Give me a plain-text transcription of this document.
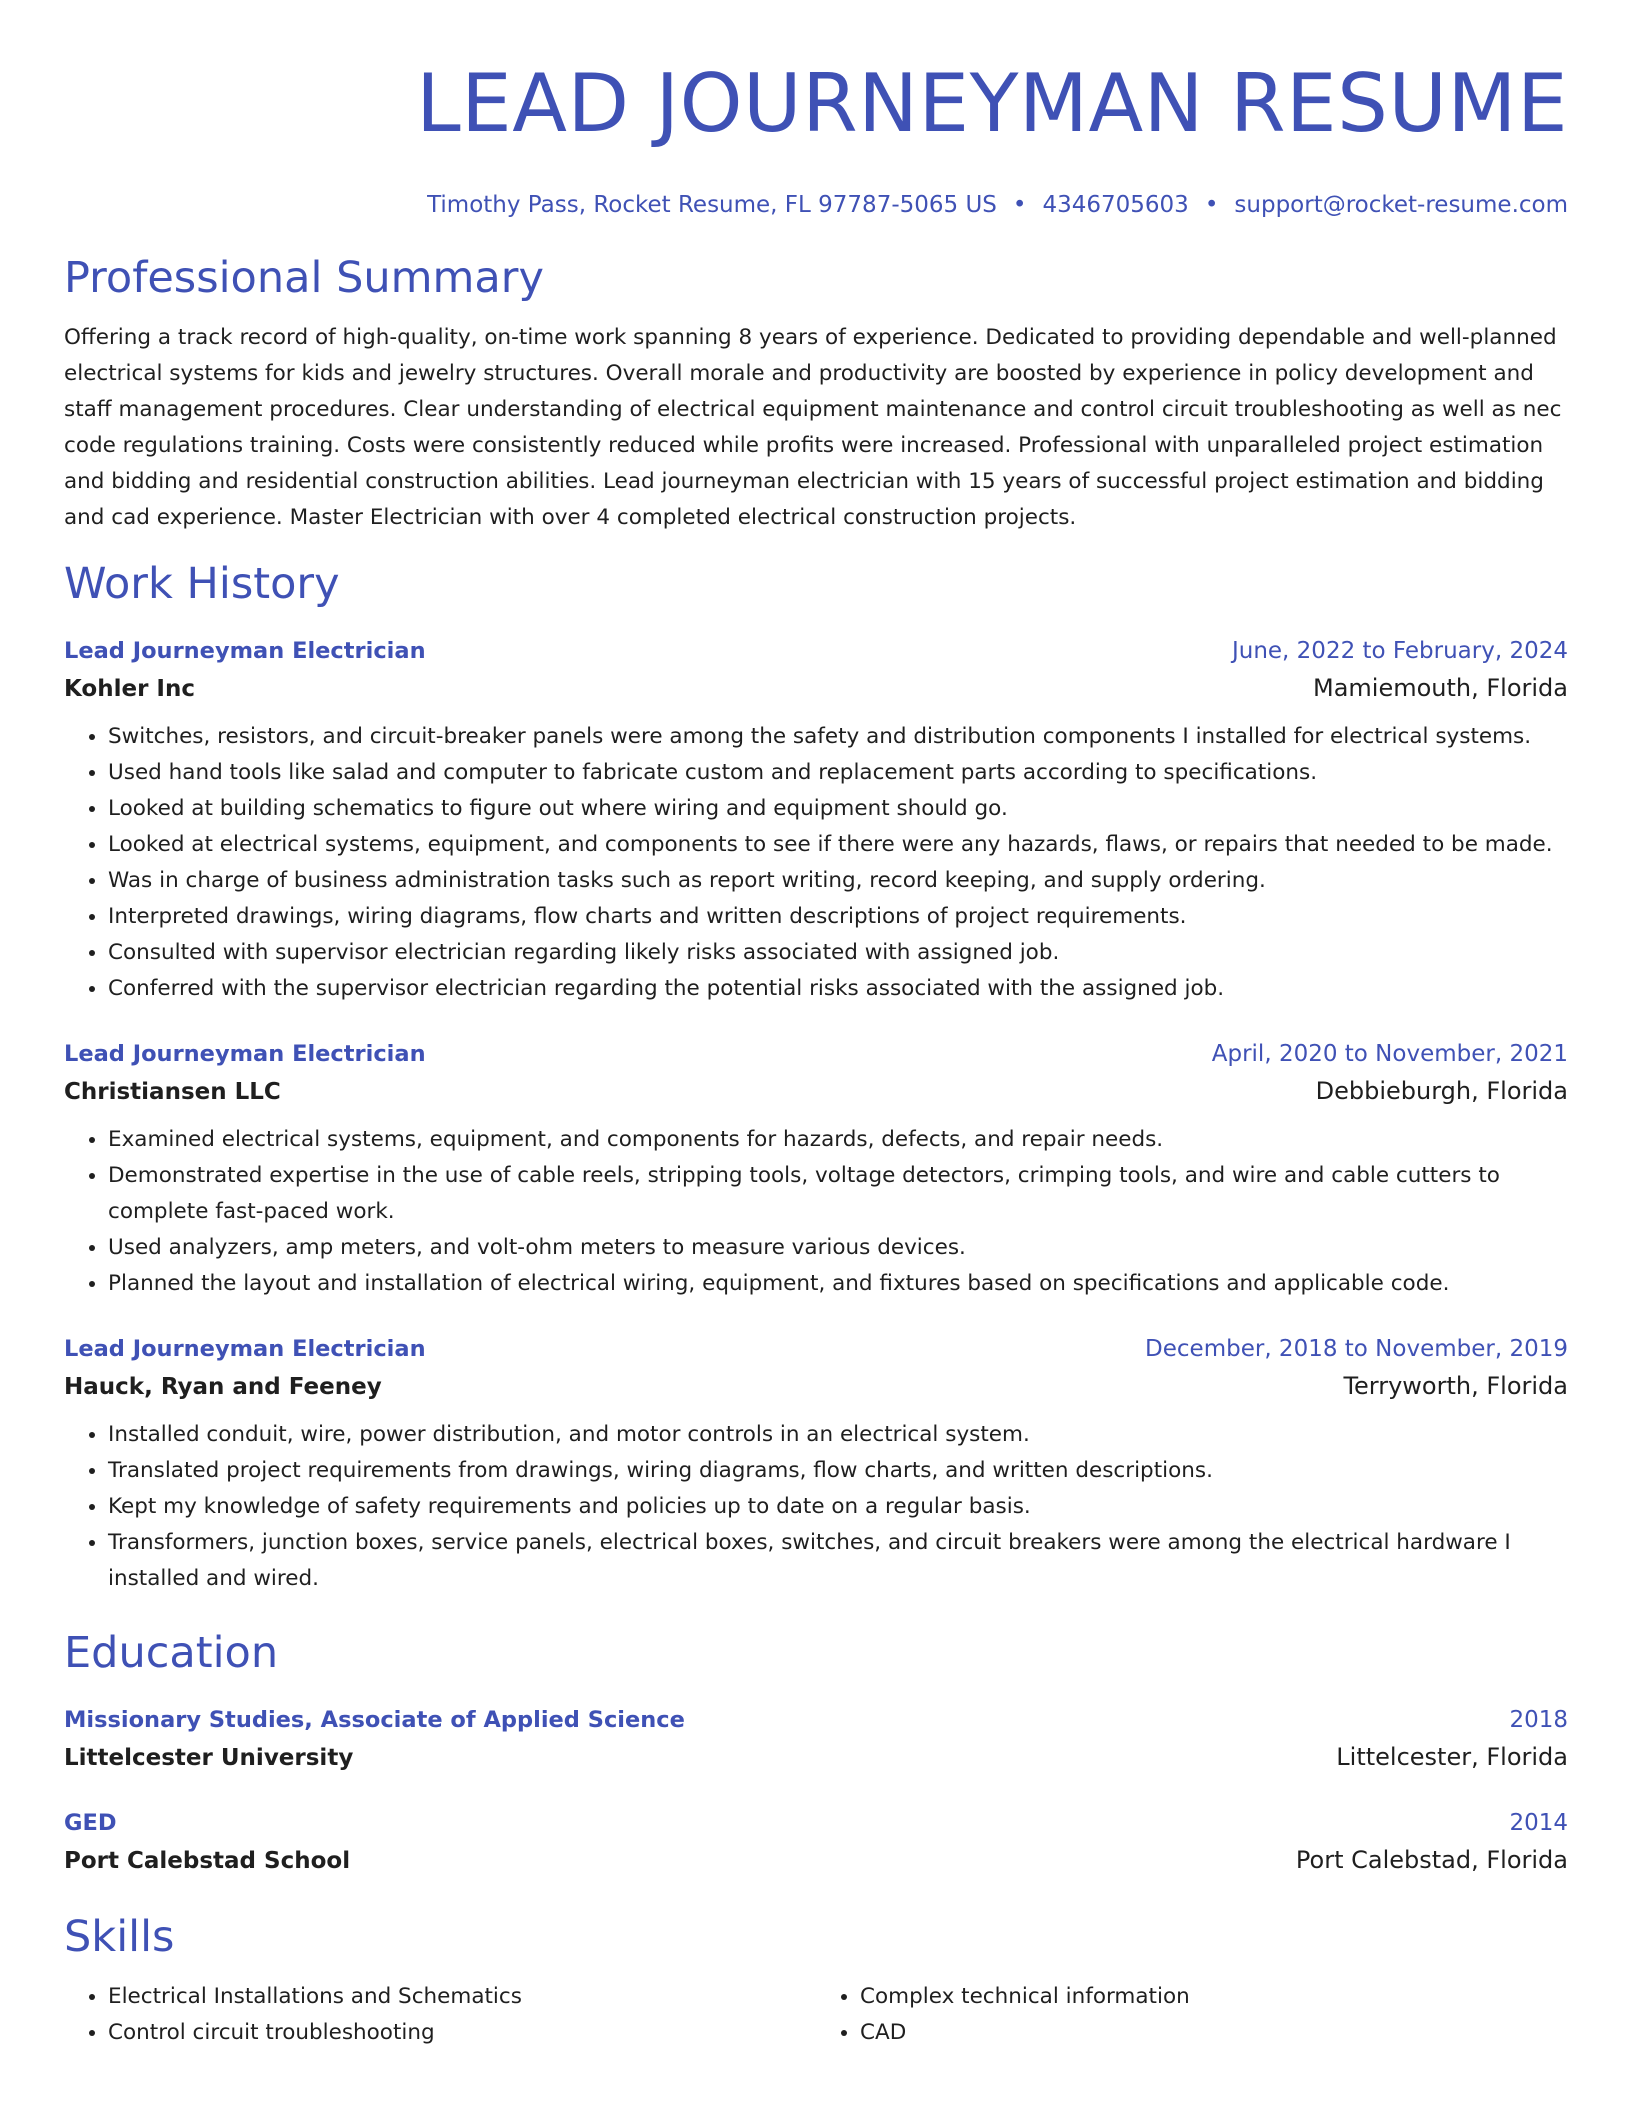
LEAD JOURNEYMAN RESUME
Timothy Pass, Rocket Resume, FL 97787-5065 US • 4346705603 • support@rocket-resume.com
Professional Summary

Offering a track record of high-quality, on-time work spanning 8 years of experience. Dedicated to providing dependable and well-planned electrical systems for kids and jewelry structures. Overall morale and productivity are boosted by experience in policy development and staff management procedures. Clear understanding of electrical equipment maintenance and control circuit troubleshooting as well as nec code regulations training. Costs were consistently reduced while profits were increased. Professional with unparalleled project estimation and bidding and residential construction abilities. Lead journeyman electrician with 15 years of successful project estimation and bidding and cad experience. Master Electrician with over 4 completed electrical construction projects.

Work History
Lead Journeyman Electrician	June, 2022 to February, 2024
Kohler Inc	Mamiemouth, Florida
• Switches, resistors, and circuit-breaker panels were among the safety and distribution components I installed for electrical systems.
• Used hand tools like salad and computer to fabricate custom and replacement parts according to specifications.
• Looked at building schematics to figure out where wiring and equipment should go.
• Looked at electrical systems, equipment, and components to see if there were any hazards, flaws, or repairs that needed to be made.
• Was in charge of business administration tasks such as report writing, record keeping, and supply ordering.
• Interpreted drawings, wiring diagrams, flow charts and written descriptions of project requirements.
• Consulted with supervisor electrician regarding likely risks associated with assigned job.
• Conferred with the supervisor electrician regarding the potential risks associated with the assigned job.
Lead Journeyman Electrician	April, 2020 to November, 2021
Christiansen LLC	Debbieburgh, Florida
• Examined electrical systems, equipment, and components for hazards, defects, and repair needs.
• Demonstrated expertise in the use of cable reels, stripping tools, voltage detectors, crimping tools, and wire and cable cutters to complete fast-paced work.
• Used analyzers, amp meters, and volt-ohm meters to measure various devices.
• Planned the layout and installation of electrical wiring, equipment, and fixtures based on specifications and applicable code.
Lead Journeyman Electrician	December, 2018 to November, 2019
Hauck, Ryan and Feeney	Terryworth, Florida
• Installed conduit, wire, power distribution, and motor controls in an electrical system.
• Translated project requirements from drawings, wiring diagrams, flow charts, and written descriptions.
• Kept my knowledge of safety requirements and policies up to date on a regular basis.
• Transformers, junction boxes, service panels, electrical boxes, switches, and circuit breakers were among the electrical hardware I installed and wired.
Education
Missionary Studies, Associate of Applied Science	2018
Littelcester University	Littelcester, Florida
GED	2014
Port Calebstad School	Port Calebstad, Florida
Skills
• Electrical Installations and Schematics
• Control circuit troubleshooting
• Complex technical information
• CAD
